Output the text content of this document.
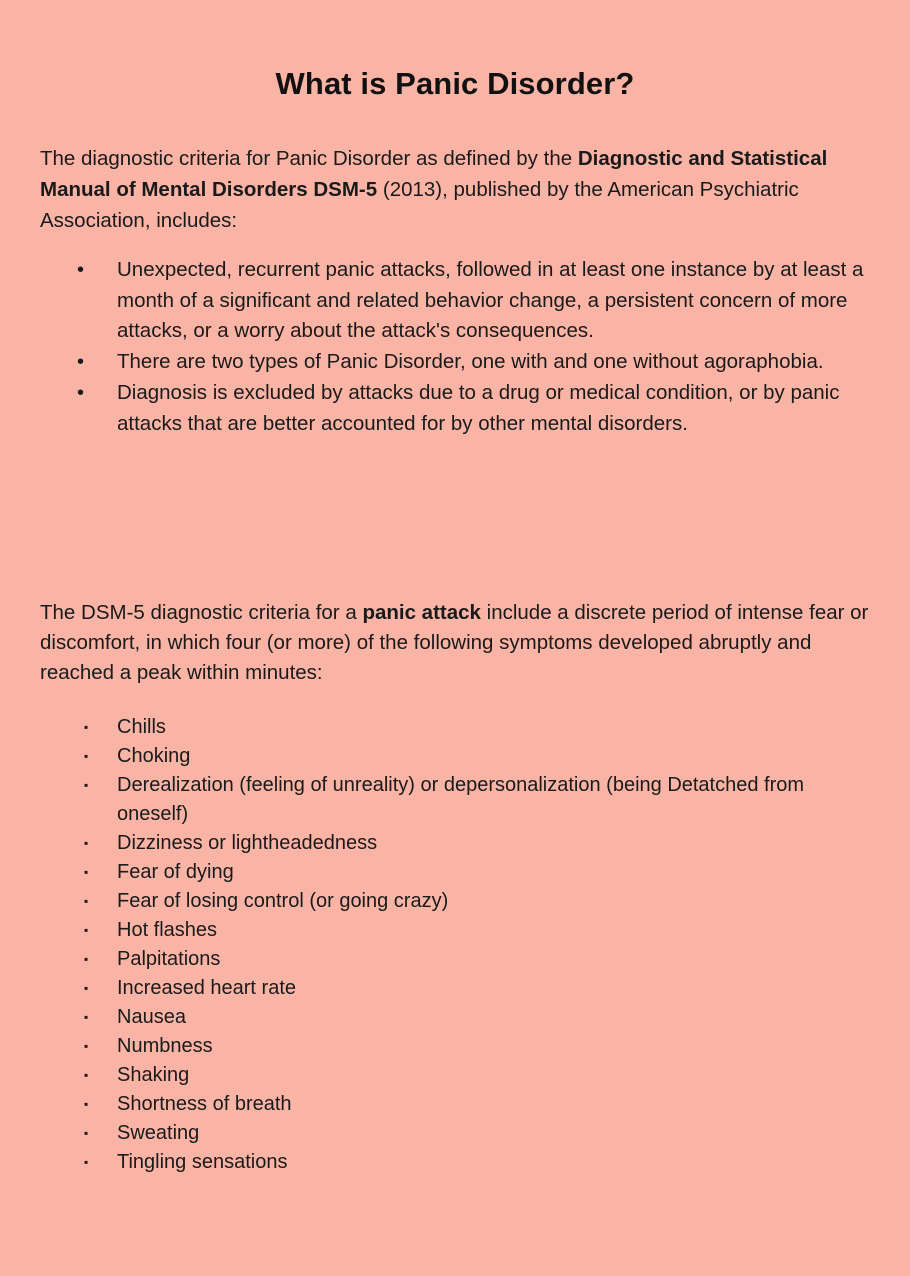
What is Panic Disorder?

The diagnostic criteria for Panic Disorder as defined by the Diagnostic and Statistical Manual of Mental Disorders DSM-5 (2013), published by the American Psychiatric Association, includes:

• Unexpected, recurrent panic attacks, followed in at least one instance by at least a month of a significant and related behavior change, a persistent concern of more attacks, or a worry about the attack's consequences.
• There are two types of Panic Disorder, one with and one without agoraphobia.
• Diagnosis is excluded by attacks due to a drug or medical condition, or by panic attacks that are better accounted for by other mental disorders.

The DSM-5 diagnostic criteria for a panic attack include a discrete period of intense fear or discomfort, in which four (or more) of the following symptoms developed abruptly and reached a peak within minutes:

▪ Chills
▪ Choking
▪ Derealization (feeling of unreality) or depersonalization (being Detatched from oneself)
▪ Dizziness or lightheadedness
▪ Fear of dying
▪ Fear of losing control (or going crazy)
▪ Hot flashes
▪ Palpitations
▪ Increased heart rate
▪ Nausea
▪ Numbness
▪ Shaking
▪ Shortness of breath
▪ Sweating
▪ Tingling sensations
